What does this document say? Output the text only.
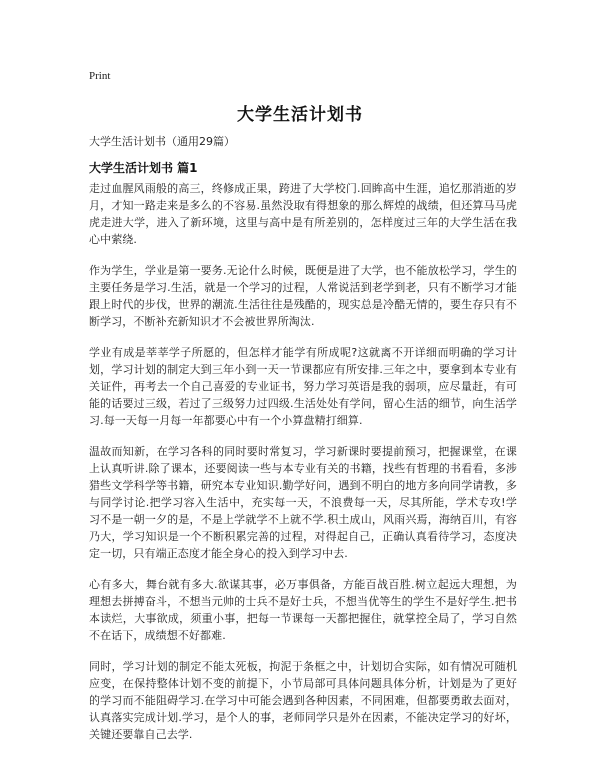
Print
大学生活计划书

大学生活计划书（通用29篇）

大学生活计划书 篇1

走过血腥风雨般的高三，终修成正果，跨进了大学校门.回眸高中生涯，追忆那消逝的岁月，才知一路走来是多么的不容易.虽然没取有得想象的那么辉煌的战绩，但还算马马虎虎走进大学，进入了新环境，这里与高中是有所差别的，怎样度过三年的大学生活在我心中萦绕.

作为学生，学业是第一要务.无论什么时候，既便是进了大学，也不能放松学习，学生的主要任务是学习.生活，就是一个学习的过程，人常说活到老学到老，只有不断学习才能跟上时代的步伐，世界的潮流.生活往往是残酷的，现实总是冷酷无情的，要生存只有不断学习，不断补充新知识才不会被世界所淘汰.

学业有成是莘莘学子所愿的，但怎样才能学有所成呢?这就离不开详细而明确的学习计划，学习计划的制定大到三年小到一天一节课都应有所安排.三年之中，要拿到本专业有关证件，再考去一个自己喜爱的专业证书，努力学习英语是我的弱项，应尽量赶，有可能的话要过三级，若过了三级努力过四级.生活处处有学问，留心生活的细节，向生活学习.每一天每一月每一年都要心中有一个小算盘精打细算.

温故而知新，在学习各科的同时要时常复习，学习新课时要提前预习，把握课堂，在课上认真听讲.除了课本，还要阅读一些与本专业有关的书籍，找些有哲理的书看看，多涉猎些文学科学等书籍，研究本专业知识.勤学好问，遇到不明白的地方多向同学请教，多与同学讨论.把学习容入生活中，充实每一天，不浪费每一天，尽其所能，学术专攻!学习不是一朝一夕的是，不是上学就学不上就不学.积土成山，风雨兴焉，海纳百川，有容乃大，学习知识是一个不断积累完善的过程，对得起自己，正确认真看待学习，态度决定一切，只有端正态度才能全身心的投入到学习中去.

心有多大，舞台就有多大.欲谋其事，必万事俱备，方能百战百胜.树立起远大理想，为理想去拼搏奋斗，不想当元帅的士兵不是好士兵，不想当优等生的学生不是好学生.把书本读烂，大事欲成，须重小事，把每一节课每一天都把握住，就掌控全局了，学习自然不在话下，成绩想不好都难.

同时，学习计划的制定不能太死板，拘泥于条框之中，计划切合实际，如有情况可随机应变，在保持整体计划不变的前提下，小节局部可具体问题具体分析，计划是为了更好的学习而不能阻碍学习.在学习中可能会遇到各种因素，不同困难，但都要勇敢去面对，认真落实完成计划.学习，是个人的事，老师同学只是外在因素，不能决定学习的好坏，关键还要靠自己去学.
